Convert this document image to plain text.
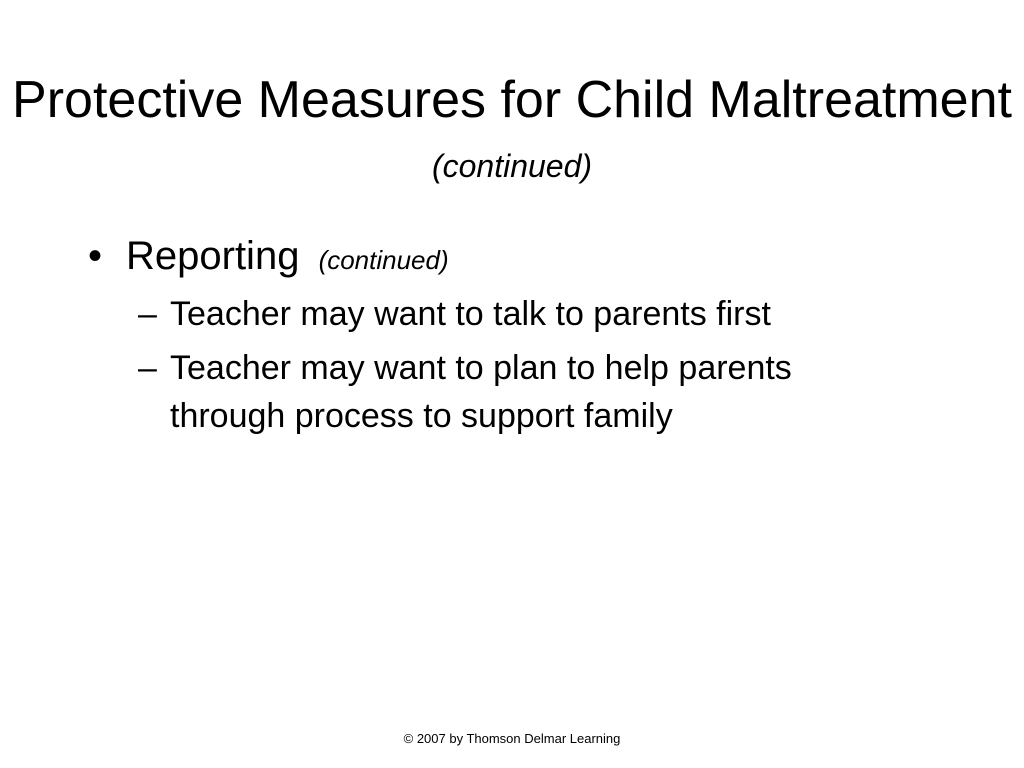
Protective Measures for Child Maltreatment (continued)
• Reporting (continued)
– Teacher may want to talk to parents first
– Teacher may want to plan to help parents through process to support family
© 2007 by Thomson Delmar Learning
